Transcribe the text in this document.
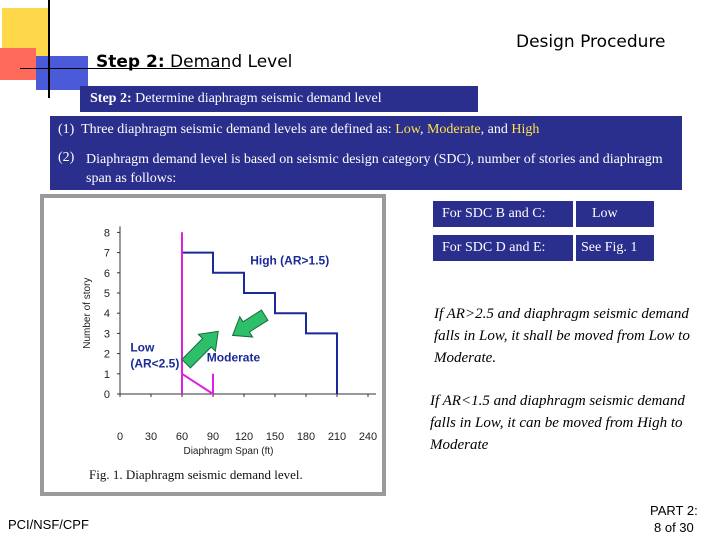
Step 2: Demand Level
Design Procedure
Step 2: Determine diaphragm seismic demand level
(1) Three diaphragm seismic demand levels are defined as: Low, Moderate, and High
(2) Diaphragm demand level is based on seismic design category (SDC), number of stories and diaphragm span as follows:
For SDC B and C:	Low
For SDC D and E:	See Fig. 1
If AR>2.5 and diaphragm seismic demand falls in Low, it shall be moved from Low to Moderate.
If AR<1.5 and diaphragm seismic demand falls in Low, it can be moved from High to Moderate
0 30 60 90 120 150 180 210 240
0
1
2
3
4
5
6
7
8
Diaphragm Span (ft)
Number of story
High (AR>1.5)
Moderate
Low
(AR<2.5)
Fig. 1. Diaphragm seismic demand level.
PCI/NSF/CPF
PART 2:
8 of 30
